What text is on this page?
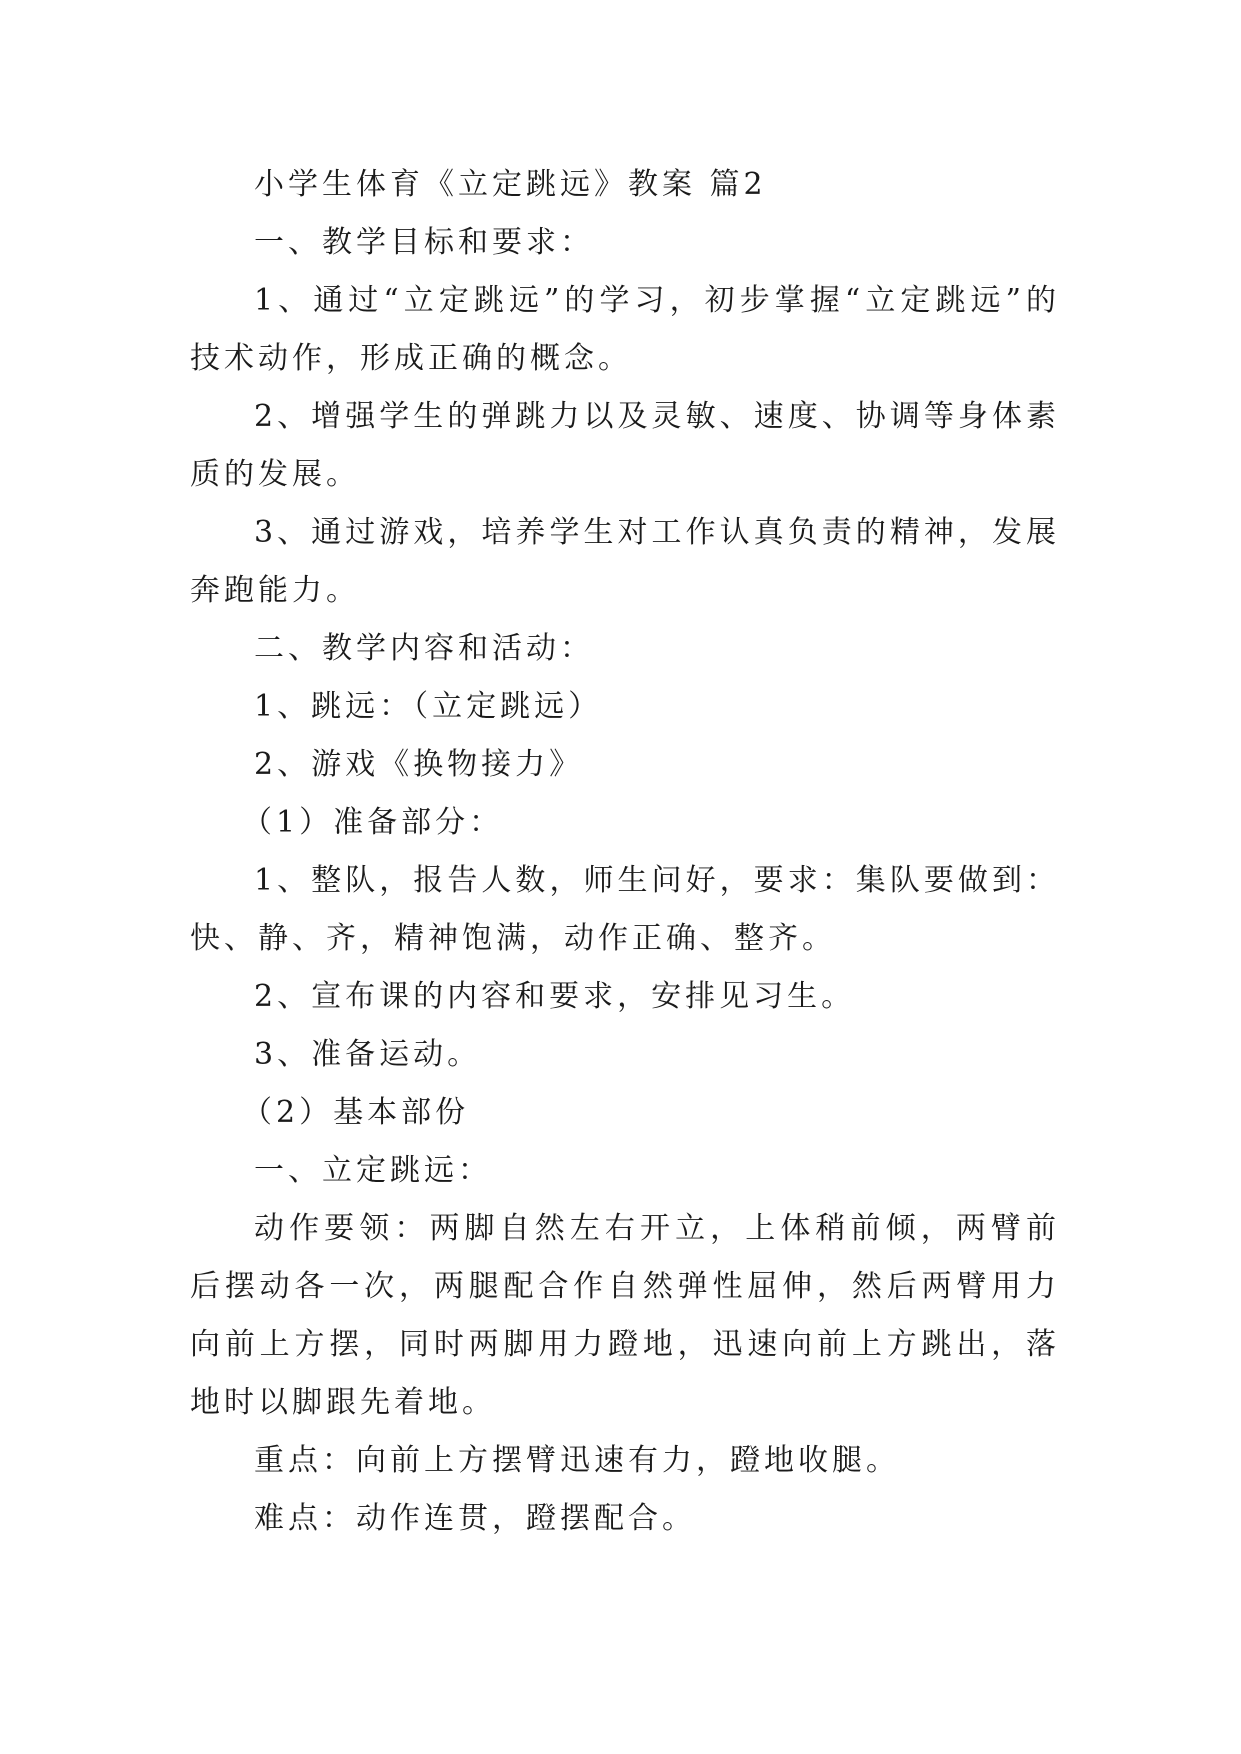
小学生体育《立定跳远》教案 篇2

一、教学目标和要求：

1、通过“立定跳远”的学习，初步掌握“立定跳远”的技术动作，形成正确的概念。

2、增强学生的弹跳力以及灵敏、速度、协调等身体素质的发展。

3、通过游戏，培养学生对工作认真负责的精神，发展奔跑能力。

二、教学内容和活动：

1、跳远：（立定跳远）

2、游戏《换物接力》

（1）准备部分：

1、整队，报告人数，师生问好，要求：集队要做到：快、静、齐，精神饱满，动作正确、整齐。

2、宣布课的内容和要求，安排见习生。

3、准备运动。

（2）基本部份

一、立定跳远：

动作要领：两脚自然左右开立，上体稍前倾，两臂前后摆动各一次，两腿配合作自然弹性屈伸，然后两臂用力向前上方摆，同时两脚用力蹬地，迅速向前上方跳出，落地时以脚跟先着地。

重点：向前上方摆臂迅速有力，蹬地收腿。

难点：动作连贯，蹬摆配合。
